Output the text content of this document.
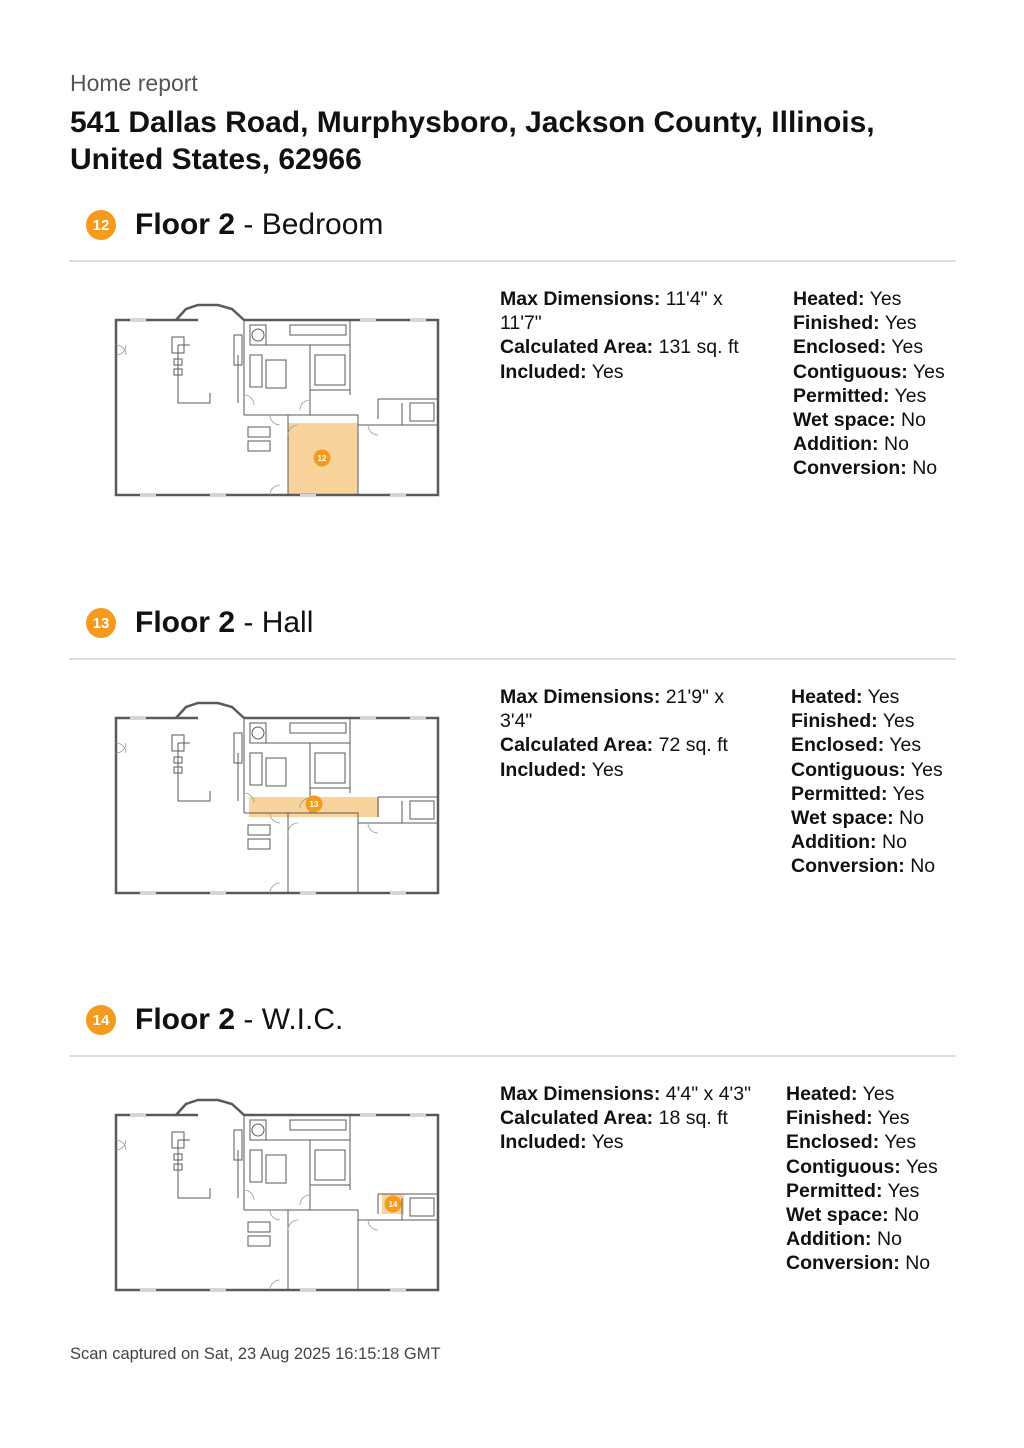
Home report
541 Dallas Road, Murphysboro, Jackson County, Illinois, United States, 62966
12 Floor 2 - Bedroom
12
Max Dimensions: 11'4" x 11'7"
Calculated Area: 131 sq. ft
Included: Yes
Heated: Yes
Finished: Yes
Enclosed: Yes
Contiguous: Yes
Permitted: Yes
Wet space: No
Addition: No
Conversion: No
13 Floor 2 - Hall
13
Max Dimensions: 21'9" x 3'4"
Calculated Area: 72 sq. ft
Included: Yes
Heated: Yes
Finished: Yes
Enclosed: Yes
Contiguous: Yes
Permitted: Yes
Wet space: No
Addition: No
Conversion: No
14 Floor 2 - W.I.C.
14
Max Dimensions: 4'4" x 4'3"
Calculated Area: 18 sq. ft
Included: Yes
Heated: Yes
Finished: Yes
Enclosed: Yes
Contiguous: Yes
Permitted: Yes
Wet space: No
Addition: No
Conversion: No
Scan captured on Sat, 23 Aug 2025 16:15:18 GMT
